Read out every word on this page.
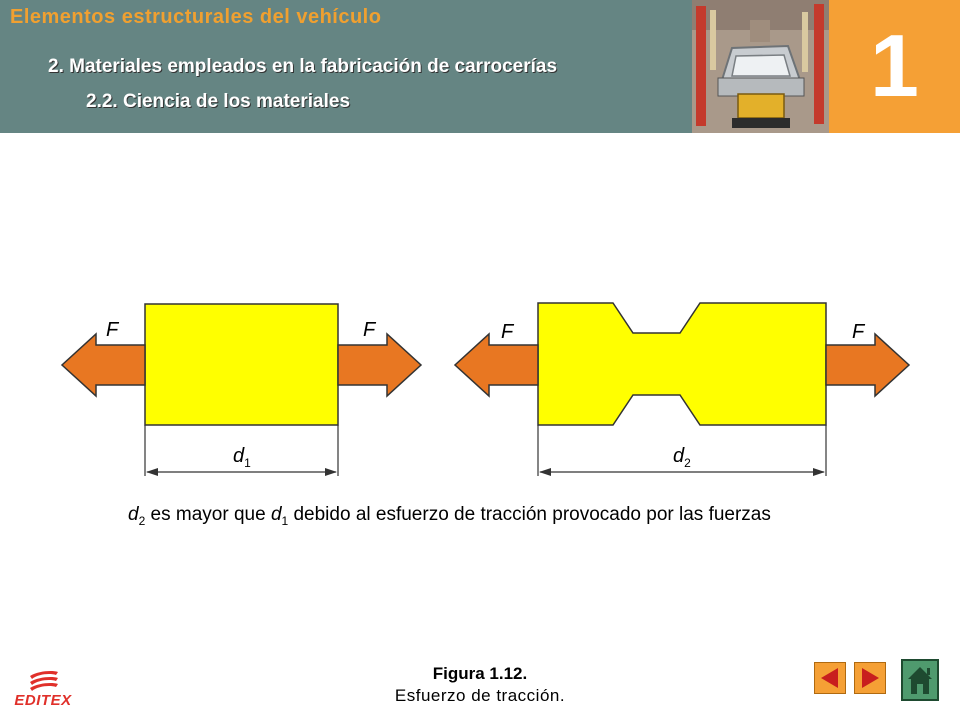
Elementos estructurales del vehículo

2. Materiales empleados en la fabricación de carrocerías

2.2. Ciencia de los materiales	1
F	F
$d_1$
F	F
$d_2$
$d_2$ es mayor que $d_1$ debido al esfuerzo de tracción provocado por las fuerzas
Figura 1.12.
Esfuerzo de tracción.
EDITEX
